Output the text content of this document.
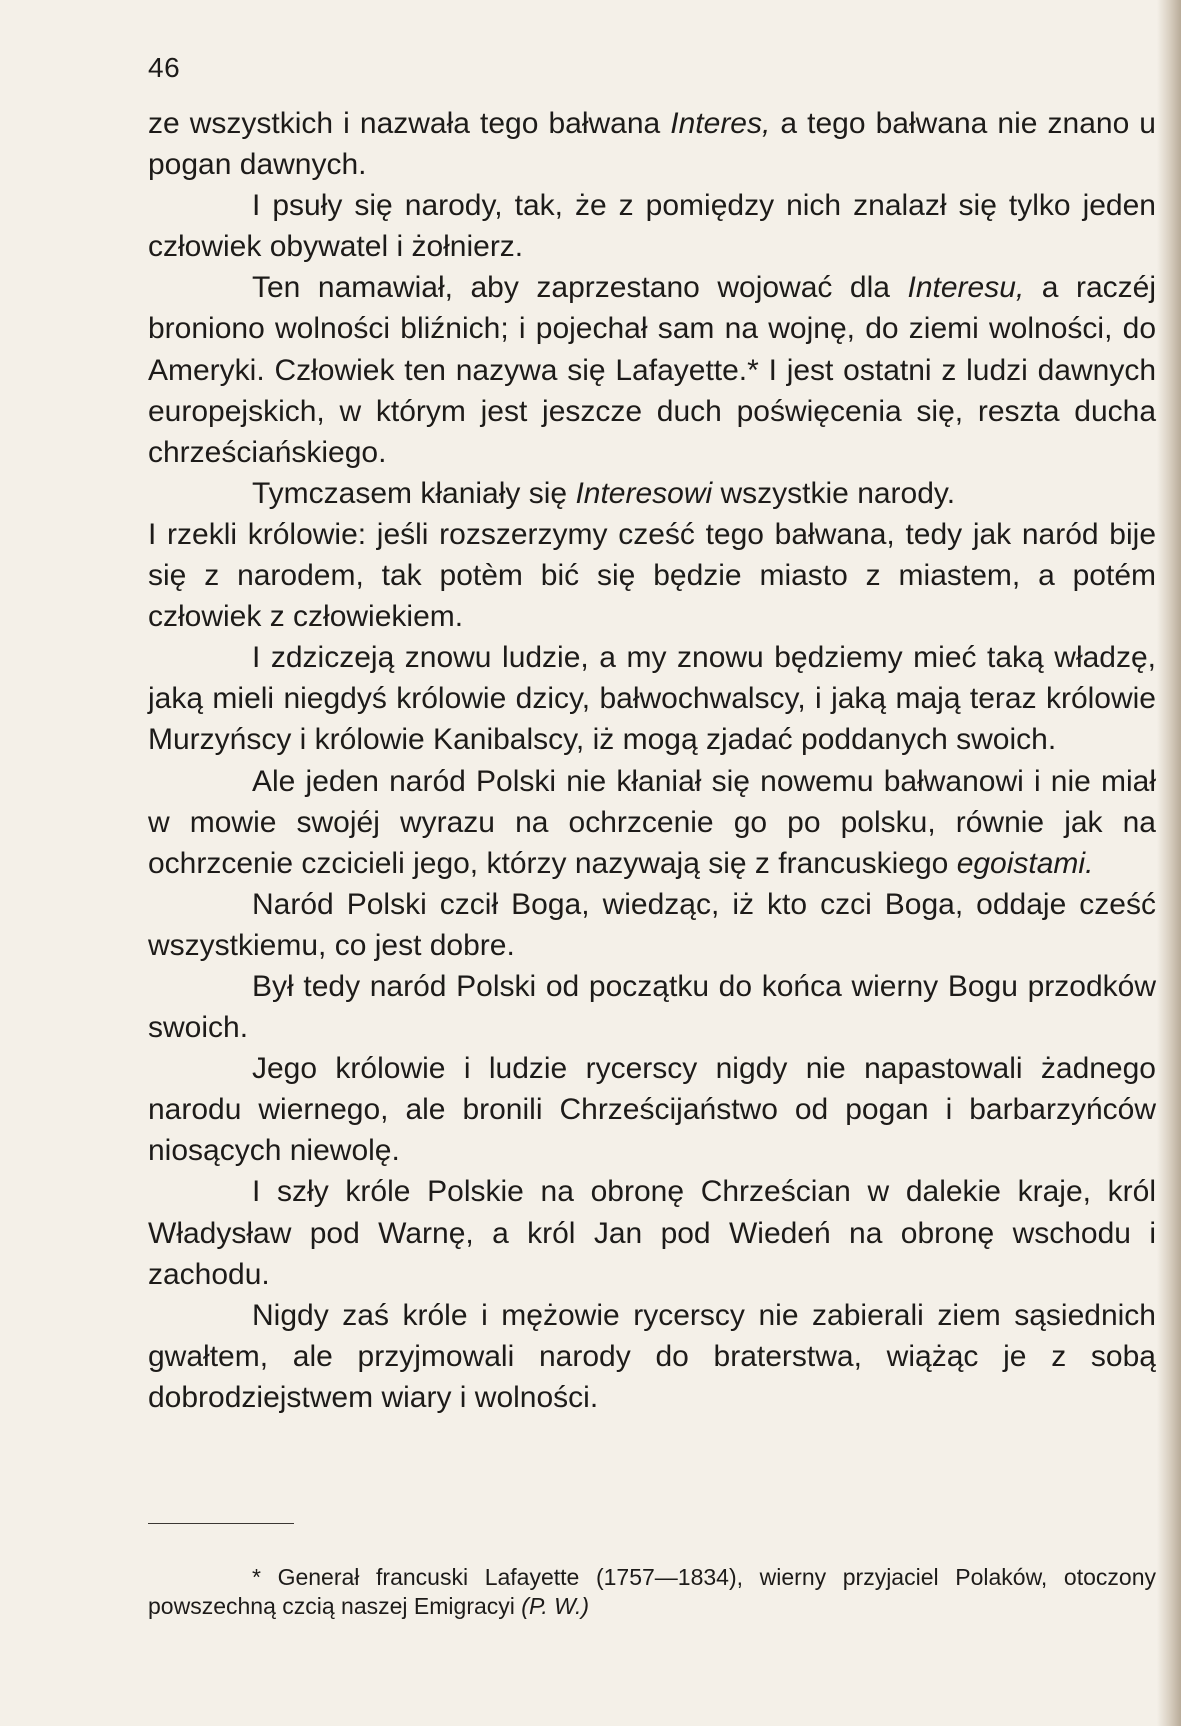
46

ze wszystkich i nazwała tego bałwana Interes, a tego bałwana nie znano u pogan dawnych.

I psuły się narody, tak, że z pomiędzy nich znalazł się tylko jeden człowiek obywatel i żołnierz.

Ten namawiał, aby zaprzestano wojować dla Interesu, a raczéj broniono wolności bliźnich; i pojechał sam na wojnę, do ziemi wolności, do Ameryki. Człowiek ten nazywa się Lafayette.* I jest ostatni z ludzi dawnych europejskich, w którym jest jeszcze duch poświęcenia się, reszta ducha chrześciańskiego.

Tymczasem kłaniały się Interesowi wszystkie narody.

I rzekli królowie: jeśli rozszerzymy cześć tego bałwana, tedy jak naród bije się z narodem, tak potèm bić się będzie miasto z miastem, a potém człowiek z człowiekiem.

I zdziczeją znowu ludzie, a my znowu będziemy mieć taką władzę, jaką mieli niegdyś królowie dzicy, bałwochwalscy, i jaką mają teraz królowie Murzyńscy i królowie Kanibalscy, iż mogą zjadać poddanych swoich.

Ale jeden naród Polski nie kłaniał się nowemu bałwanowi i nie miał w mowie swojéj wyrazu na ochrzcenie go po polsku, równie jak na ochrzcenie czcicieli jego, którzy nazywają się z francuskiego egoistami.

Naród Polski czcił Boga, wiedząc, iż kto czci Boga, oddaje cześć wszystkiemu, co jest dobre.

Był tedy naród Polski od początku do końca wierny Bogu przodków swoich.

Jego królowie i ludzie rycerscy nigdy nie napastowali żadnego narodu wiernego, ale bronili Chrześcijaństwo od pogan i barbarzyńców niosących niewolę.

I szły króle Polskie na obronę Chrześcian w dalekie kraje, król Władysław pod Warnę, a król Jan pod Wiedeń na obronę wschodu i zachodu.

Nigdy zaś króle i mężowie rycerscy nie zabierali ziem sąsiednich gwałtem, ale przyjmowali narody do braterstwa, wiążąc je z sobą dobrodziejstwem wiary i wolności.

* Generał francuski Lafayette (1757—1834), wierny przyjaciel Polaków, otoczony powszechną czcią naszej Emigracyi (P. W.)
